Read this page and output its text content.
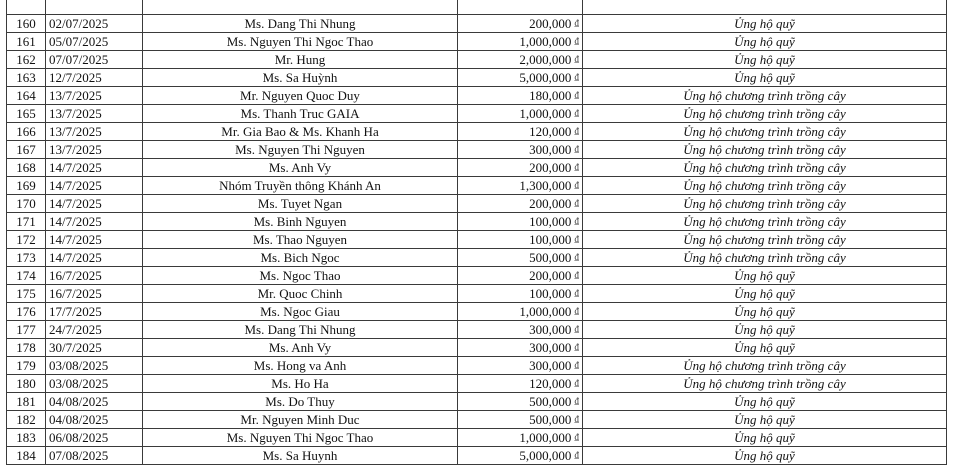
160	02/07/2025	Ms. Dang Thi Nhung	200,000 ₫	Ủng hộ quỹ
161	05/07/2025	Ms. Nguyen Thi Ngoc Thao	1,000,000 ₫	Ủng hộ quỹ
162	07/07/2025	Mr. Hung	2,000,000 ₫	Ủng hộ quỹ
163	12/7/2025	Ms. Sa Huỳnh	5,000,000 ₫	Ủng hộ quỹ
164	13/7/2025	Mr. Nguyen Quoc Duy	180,000 ₫	Ủng hộ chương trình trồng cây
165	13/7/2025	Ms. Thanh Truc GAIA	1,000,000 ₫	Ủng hộ chương trình trồng cây
166	13/7/2025	Mr. Gia Bao & Ms. Khanh Ha	120,000 ₫	Ủng hộ chương trình trồng cây
167	13/7/2025	Ms. Nguyen Thi Nguyen	300,000 ₫	Ủng hộ chương trình trồng cây
168	14/7/2025	Ms. Anh Vy	200,000 ₫	Ủng hộ chương trình trồng cây
169	14/7/2025	Nhóm Truyền thông Khánh An	1,300,000 ₫	Ủng hộ chương trình trồng cây
170	14/7/2025	Ms. Tuyet Ngan	200,000 ₫	Ủng hộ chương trình trồng cây
171	14/7/2025	Ms. Binh Nguyen	100,000 ₫	Ủng hộ chương trình trồng cây
172	14/7/2025	Ms. Thao Nguyen	100,000 ₫	Ủng hộ chương trình trồng cây
173	14/7/2025	Ms. Bich Ngoc	500,000 ₫	Ủng hộ chương trình trồng cây
174	16/7/2025	Ms. Ngoc Thao	200,000 ₫	Ủng hộ quỹ
175	16/7/2025	Mr. Quoc Chinh	100,000 ₫	Ủng hộ quỹ
176	17/7/2025	Ms. Ngoc Giau	1,000,000 ₫	Ủng hộ quỹ
177	24/7/2025	Ms. Dang Thi Nhung	300,000 ₫	Ủng hộ quỹ
178	30/7/2025	Ms. Anh Vy	300,000 ₫	Ủng hộ quỹ
179	03/08/2025	Ms. Hong va Anh	300,000 ₫	Ủng hộ chương trình trồng cây
180	03/08/2025	Ms. Ho Ha	120,000 ₫	Ủng hộ chương trình trồng cây
181	04/08/2025	Ms. Do Thuy	500,000 ₫	Ủng hộ quỹ
182	04/08/2025	Mr. Nguyen Minh Duc	500,000 ₫	Ủng hộ quỹ
183	06/08/2025	Ms. Nguyen Thi Ngoc Thao	1,000,000 ₫	Ủng hộ quỹ
184	07/08/2025	Ms. Sa Huynh	5,000,000 ₫	Ủng hộ quỹ
